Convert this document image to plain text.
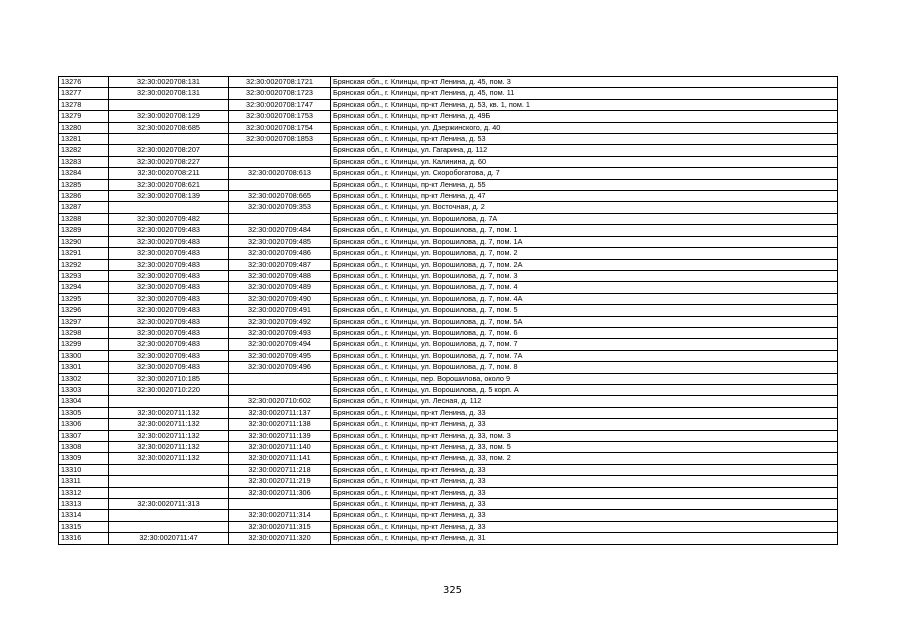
13276	32:30:0020708:131	32:30:0020708:1721	Брянская обл., г. Клинцы, пр-кт Ленина, д. 45, пом. 3
13277	32:30:0020708:131	32:30:0020708:1723	Брянская обл., г. Клинцы, пр-кт Ленина, д. 45, пом. 11
13278		32:30:0020708:1747	Брянская обл., г. Клинцы, пр-кт Ленина, д. 53, кв. 1, пом. 1
13279	32:30:0020708:129	32:30:0020708:1753	Брянская обл., г. Клинцы, пр-кт Ленина, д. 49Б
13280	32:30:0020708:685	32:30:0020708:1754	Брянская обл., г. Клинцы, ул. Дзержинского, д. 40
13281		32:30:0020708:1853	Брянская обл., г. Клинцы, пр-кт Ленина, д. 53
13282	32:30:0020708:207		Брянская обл., г. Клинцы, ул. Гагарина, д. 112
13283	32:30:0020708:227		Брянская обл., г. Клинцы, ул. Калинина, д. 60
13284	32:30:0020708:211	32:30:0020708:613	Брянская обл., г. Клинцы, ул. Скоробогатова, д. 7
13285	32:30:0020708:621		Брянская обл., г. Клинцы, пр-кт Ленина, д. 55
13286	32:30:0020708:139	32:30:0020708:665	Брянская обл., г. Клинцы, пр-кт Ленина, д. 47
13287		32:30:0020709:353	Брянская обл., г. Клинцы, ул. Восточная, д. 2
13288	32:30:0020709:482		Брянская обл., г. Клинцы, ул. Ворошилова, д. 7А
13289	32:30:0020709:483	32:30:0020709:484	Брянская обл., г. Клинцы, ул. Ворошилова, д. 7, пом. 1
13290	32:30:0020709:483	32:30:0020709:485	Брянская обл., г. Клинцы, ул. Ворошилова, д. 7, пом. 1А
13291	32:30:0020709:483	32:30:0020709:486	Брянская обл., г. Клинцы, ул. Ворошилова, д. 7, пом. 2
13292	32:30:0020709:483	32:30:0020709:487	Брянская обл., г. Клинцы, ул. Ворошилова, д. 7, пом. 2А
13293	32:30:0020709:483	32:30:0020709:488	Брянская обл., г. Клинцы, ул. Ворошилова, д. 7, пом. 3
13294	32:30:0020709:483	32:30:0020709:489	Брянская обл., г. Клинцы, ул. Ворошилова, д. 7, пом. 4
13295	32:30:0020709:483	32:30:0020709:490	Брянская обл., г. Клинцы, ул. Ворошилова, д. 7, пом. 4А
13296	32:30:0020709:483	32:30:0020709:491	Брянская обл., г. Клинцы, ул. Ворошилова, д. 7, пом. 5
13297	32:30:0020709:483	32:30:0020709:492	Брянская обл., г. Клинцы, ул. Ворошилова, д. 7, пом. 5А
13298	32:30:0020709:483	32:30:0020709:493	Брянская обл., г. Клинцы, ул. Ворошилова, д. 7, пом. 6
13299	32:30:0020709:483	32:30:0020709:494	Брянская обл., г. Клинцы, ул. Ворошилова, д. 7, пом. 7
13300	32:30:0020709:483	32:30:0020709:495	Брянская обл., г. Клинцы, ул. Ворошилова, д. 7, пом. 7А
13301	32:30:0020709:483	32:30:0020709:496	Брянская обл., г. Клинцы, ул. Ворошилова, д. 7, пом. 8
13302	32:30:0020710:185		Брянская обл., г. Клинцы, пер. Ворошилова, около 9
13303	32:30:0020710:220		Брянская обл., г. Клинцы, ул. Ворошилова, д. 5 корп. А
13304		32:30:0020710:602	Брянская обл., г. Клинцы, ул. Лесная, д. 112
13305	32:30:0020711:132	32:30:0020711:137	Брянская обл., г. Клинцы, пр-кт Ленина, д. 33
13306	32:30:0020711:132	32:30:0020711:138	Брянская обл., г. Клинцы, пр-кт Ленина, д. 33
13307	32:30:0020711:132	32:30:0020711:139	Брянская обл., г. Клинцы, пр-кт Ленина, д. 33, пом. 3
13308	32:30:0020711:132	32:30:0020711:140	Брянская обл., г. Клинцы, пр-кт Ленина, д. 33, пом. 5
13309	32:30:0020711:132	32:30:0020711:141	Брянская обл., г. Клинцы, пр-кт Ленина, д. 33, пом. 2
13310		32:30:0020711:218	Брянская обл., г. Клинцы, пр-кт Ленина, д. 33
13311		32:30:0020711:219	Брянская обл., г. Клинцы, пр-кт Ленина, д. 33
13312		32:30:0020711:306	Брянская обл., г. Клинцы, пр-кт Ленина, д. 33
13313	32:30:0020711:313		Брянская обл., г. Клинцы, пр-кт Ленина, д. 33
13314		32:30:0020711:314	Брянская обл., г. Клинцы, пр-кт Ленина, д. 33
13315		32:30:0020711:315	Брянская обл., г. Клинцы, пр-кт Ленина, д. 33
13316	32:30:0020711:47	32:30:0020711:320	Брянская обл., г. Клинцы, пр-кт Ленина, д. 31
325
